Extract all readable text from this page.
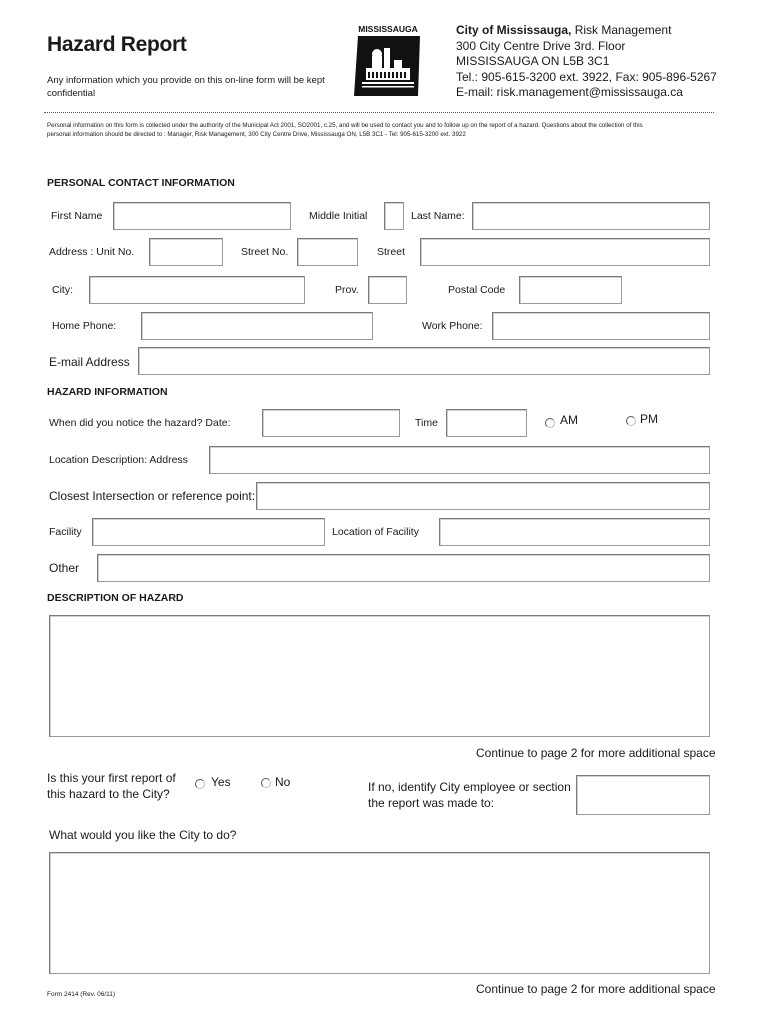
Hazard Report
Any information which you provide on this on-line form will be kept
confidential
MISSISSAUGA	City of Mississauga, Risk Management
300 City Centre Drive 3rd. Floor
MISSISSAUGA ON L5B 3C1
Tel.: 905-615-3200 ext. 3922, Fax: 905-896-5267
E-mail: risk.management@mississauga.ca
Personal information on this form is collected under the authority of the Municipal Act 2001, SO2001, c.25, and will be used to contact you and to follow up on the report of a hazard. Questions about the collection of this
personal information should be directed to : Manager, Risk Management, 300 City Centre Drive, Mississauga ON, L5B 3C1 - Tel: 905-615-3200 ext. 3922
PERSONAL CONTACT INFORMATION
First Name	Middle Initial	Last Name:
Address : Unit No.	Street No.	Street
City:	Prov.	Postal Code
Home Phone:	Work Phone:
E-mail Address
HAZARD INFORMATION
When did you notice the hazard? Date:	Time	AM	PM
Location Description: Address
Closest Intersection or reference point:
Facility	Location of Facility
Other
DESCRIPTION OF HAZARD
Continue to page 2 for more additional space
Is this your first report of
this hazard to the City?
Yes	No	If no, identify City employee or section
the report was made to:
What would you like the City to do?
Continue to page 2 for more additional space
Form 2414 (Rev. 06/11)
